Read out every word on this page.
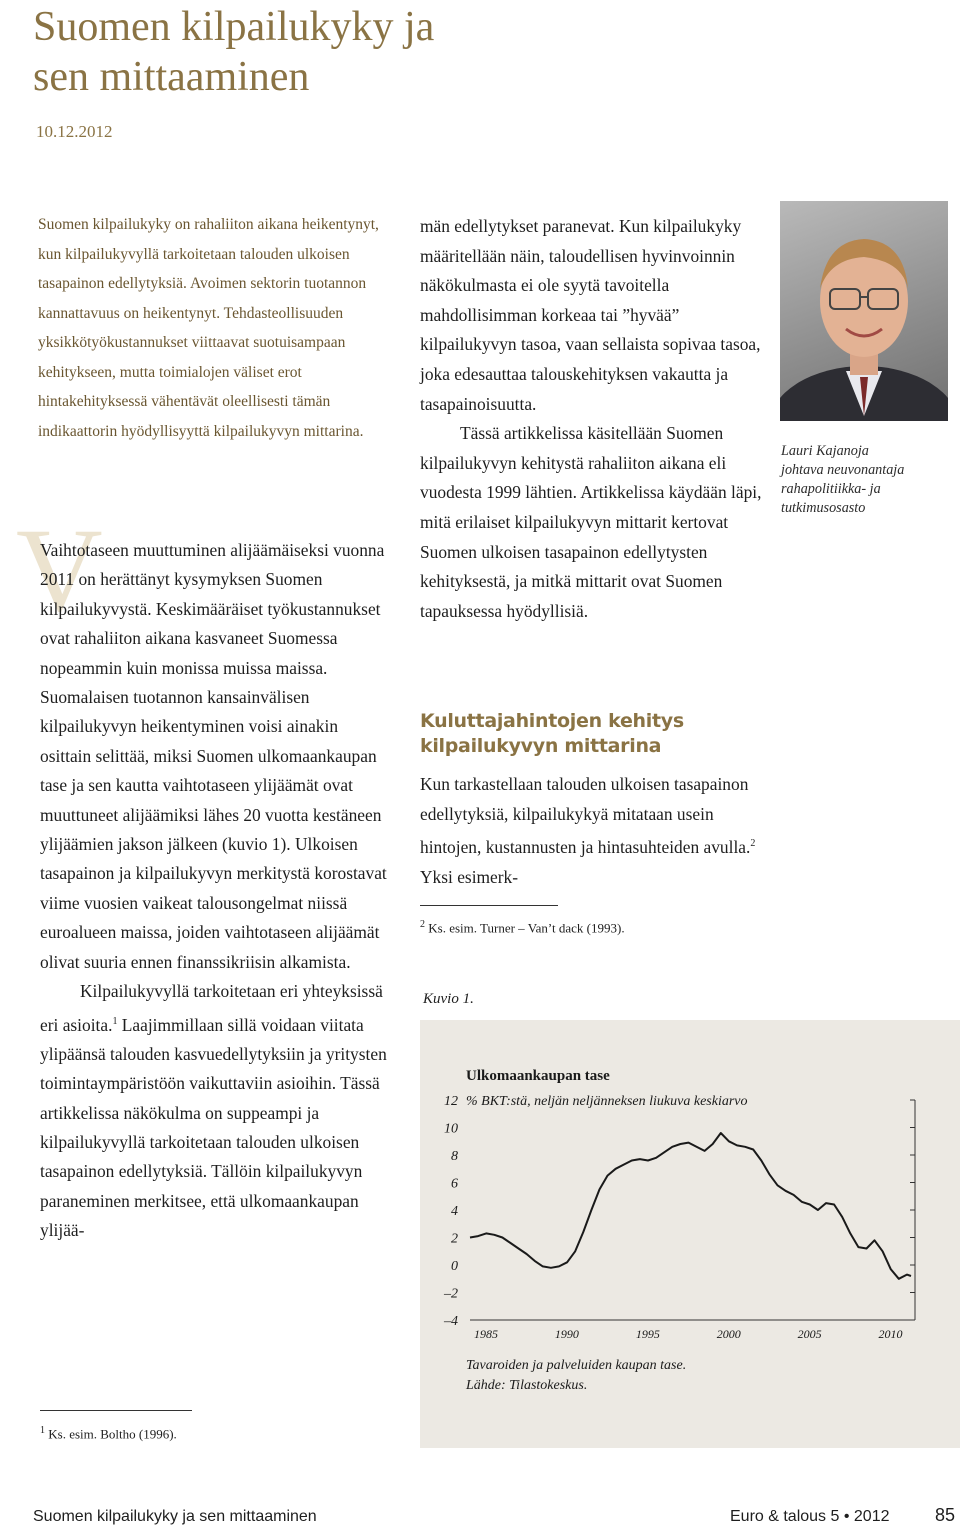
Suomen kilpailukyky ja
sen mittaaminen
10.12.2012
Suomen kilpailukyky on rahaliiton aikana heikentynyt, kun kilpailukyvyllä tarkoitetaan talouden ulkoisen tasapainon edellytyksiä. Avoimen sektorin tuotannon kannattavuus on heikentynyt. Tehdasteollisuuden yksikkötyökustannukset viittaavat suotuisampaan kehitykseen, mutta toimialojen väliset erot hintakehityksessä vähentävät oleellisesti tämän indikaattorin hyödyllisyyttä kilpailukyvyn mittarina.
V

Vaihtotaseen muuttuminen alijäämäiseksi vuonna 2011 on herättänyt kysymyksen Suomen kilpailukyvystä. Keskimääräiset työkustannukset ovat rahaliiton aikana kasvaneet Suomessa nopeammin kuin monissa muissa maissa. Suomalaisen tuotannon kansainvälisen kilpailukyvyn heikentyminen voisi ainakin osittain selittää, miksi Suomen ulkomaankaupan tase ja sen kautta vaihtotaseen ylijäämät ovat muuttuneet alijäämiksi lähes 20 vuotta kestäneen ylijäämien jakson jälkeen (kuvio 1). Ulkoisen tasapainon ja kilpailukyvyn merkitystä korostavat viime vuosien vaikeat talousongelmat niissä euroalueen maissa, joiden vaihtotaseen alijäämät olivat suuria ennen finanssikriisin alkamista.

Kilpailukyvyllä tarkoitetaan eri yhteyksissä eri asioita.$^1$ Laajimmillaan sillä voidaan viitata ylipäänsä talouden kasvuedellytyksiin ja yritysten toimintaympäristöön vaikuttaviin asioihin. Tässä artikkelissa näkökulma on suppeampi ja kilpailukyvyllä tarkoitetaan talouden ulkoisen tasapainon edellytyksiä. Tällöin kilpailukyvyn paraneminen merkitsee, että ulkomaankaupan ylijää-

$^1$ Ks. esim. Boltho (1996).

män edellytykset paranevat. Kun kilpailukyky määritellään näin, taloudellisen hyvinvoinnin näkökulmasta ei ole syytä tavoitella mahdollisimman korkeaa tai ”hyvää” kilpailukyvyn tasoa, vaan sellaista sopivaa tasoa, joka edesauttaa talouskehityksen vakautta ja tasapainoisuutta.

Tässä artikkelissa käsitellään Suomen kilpailukyvyn kehitystä rahaliiton aikana eli vuodesta 1999 lähtien. Artikkelissa käydään läpi, mitä erilaiset kilpailukyvyn mittarit kertovat Suomen ulkoisen tasapainon edellytysten kehityksestä, ja mitkä mittarit ovat Suomen tapauksessa hyödyllisiä.

Kuluttajahintojen kehitys kilpailukyvyn mittarina

Kun tarkastellaan talouden ulkoisen tasapainon edellytyksiä, kilpailukykyä mitataan usein hintojen, kustannusten ja hintasuhteiden avulla.$^2$ Yksi esimerk-

$^2$ Ks. esim. Turner – Van’t dack (1993).
Lauri Kajanoja
johtava neuvonantaja
rahapolitiikka- ja
tutkimusosasto
Kuvio 1.
Ulkomaankaupan tase
% BKT:stä, neljän neljänneksen liukuva keskiarvo
12
10
8
6
4
2
0
–2
–4
1985	1990	1995	2000	2005	2010
Tavaroiden ja palveluiden kaupan tase.
Lähde: Tilastokeskus.
Suomen kilpailukyky ja sen mittaaminen	Euro & talous 5 • 2012	85
